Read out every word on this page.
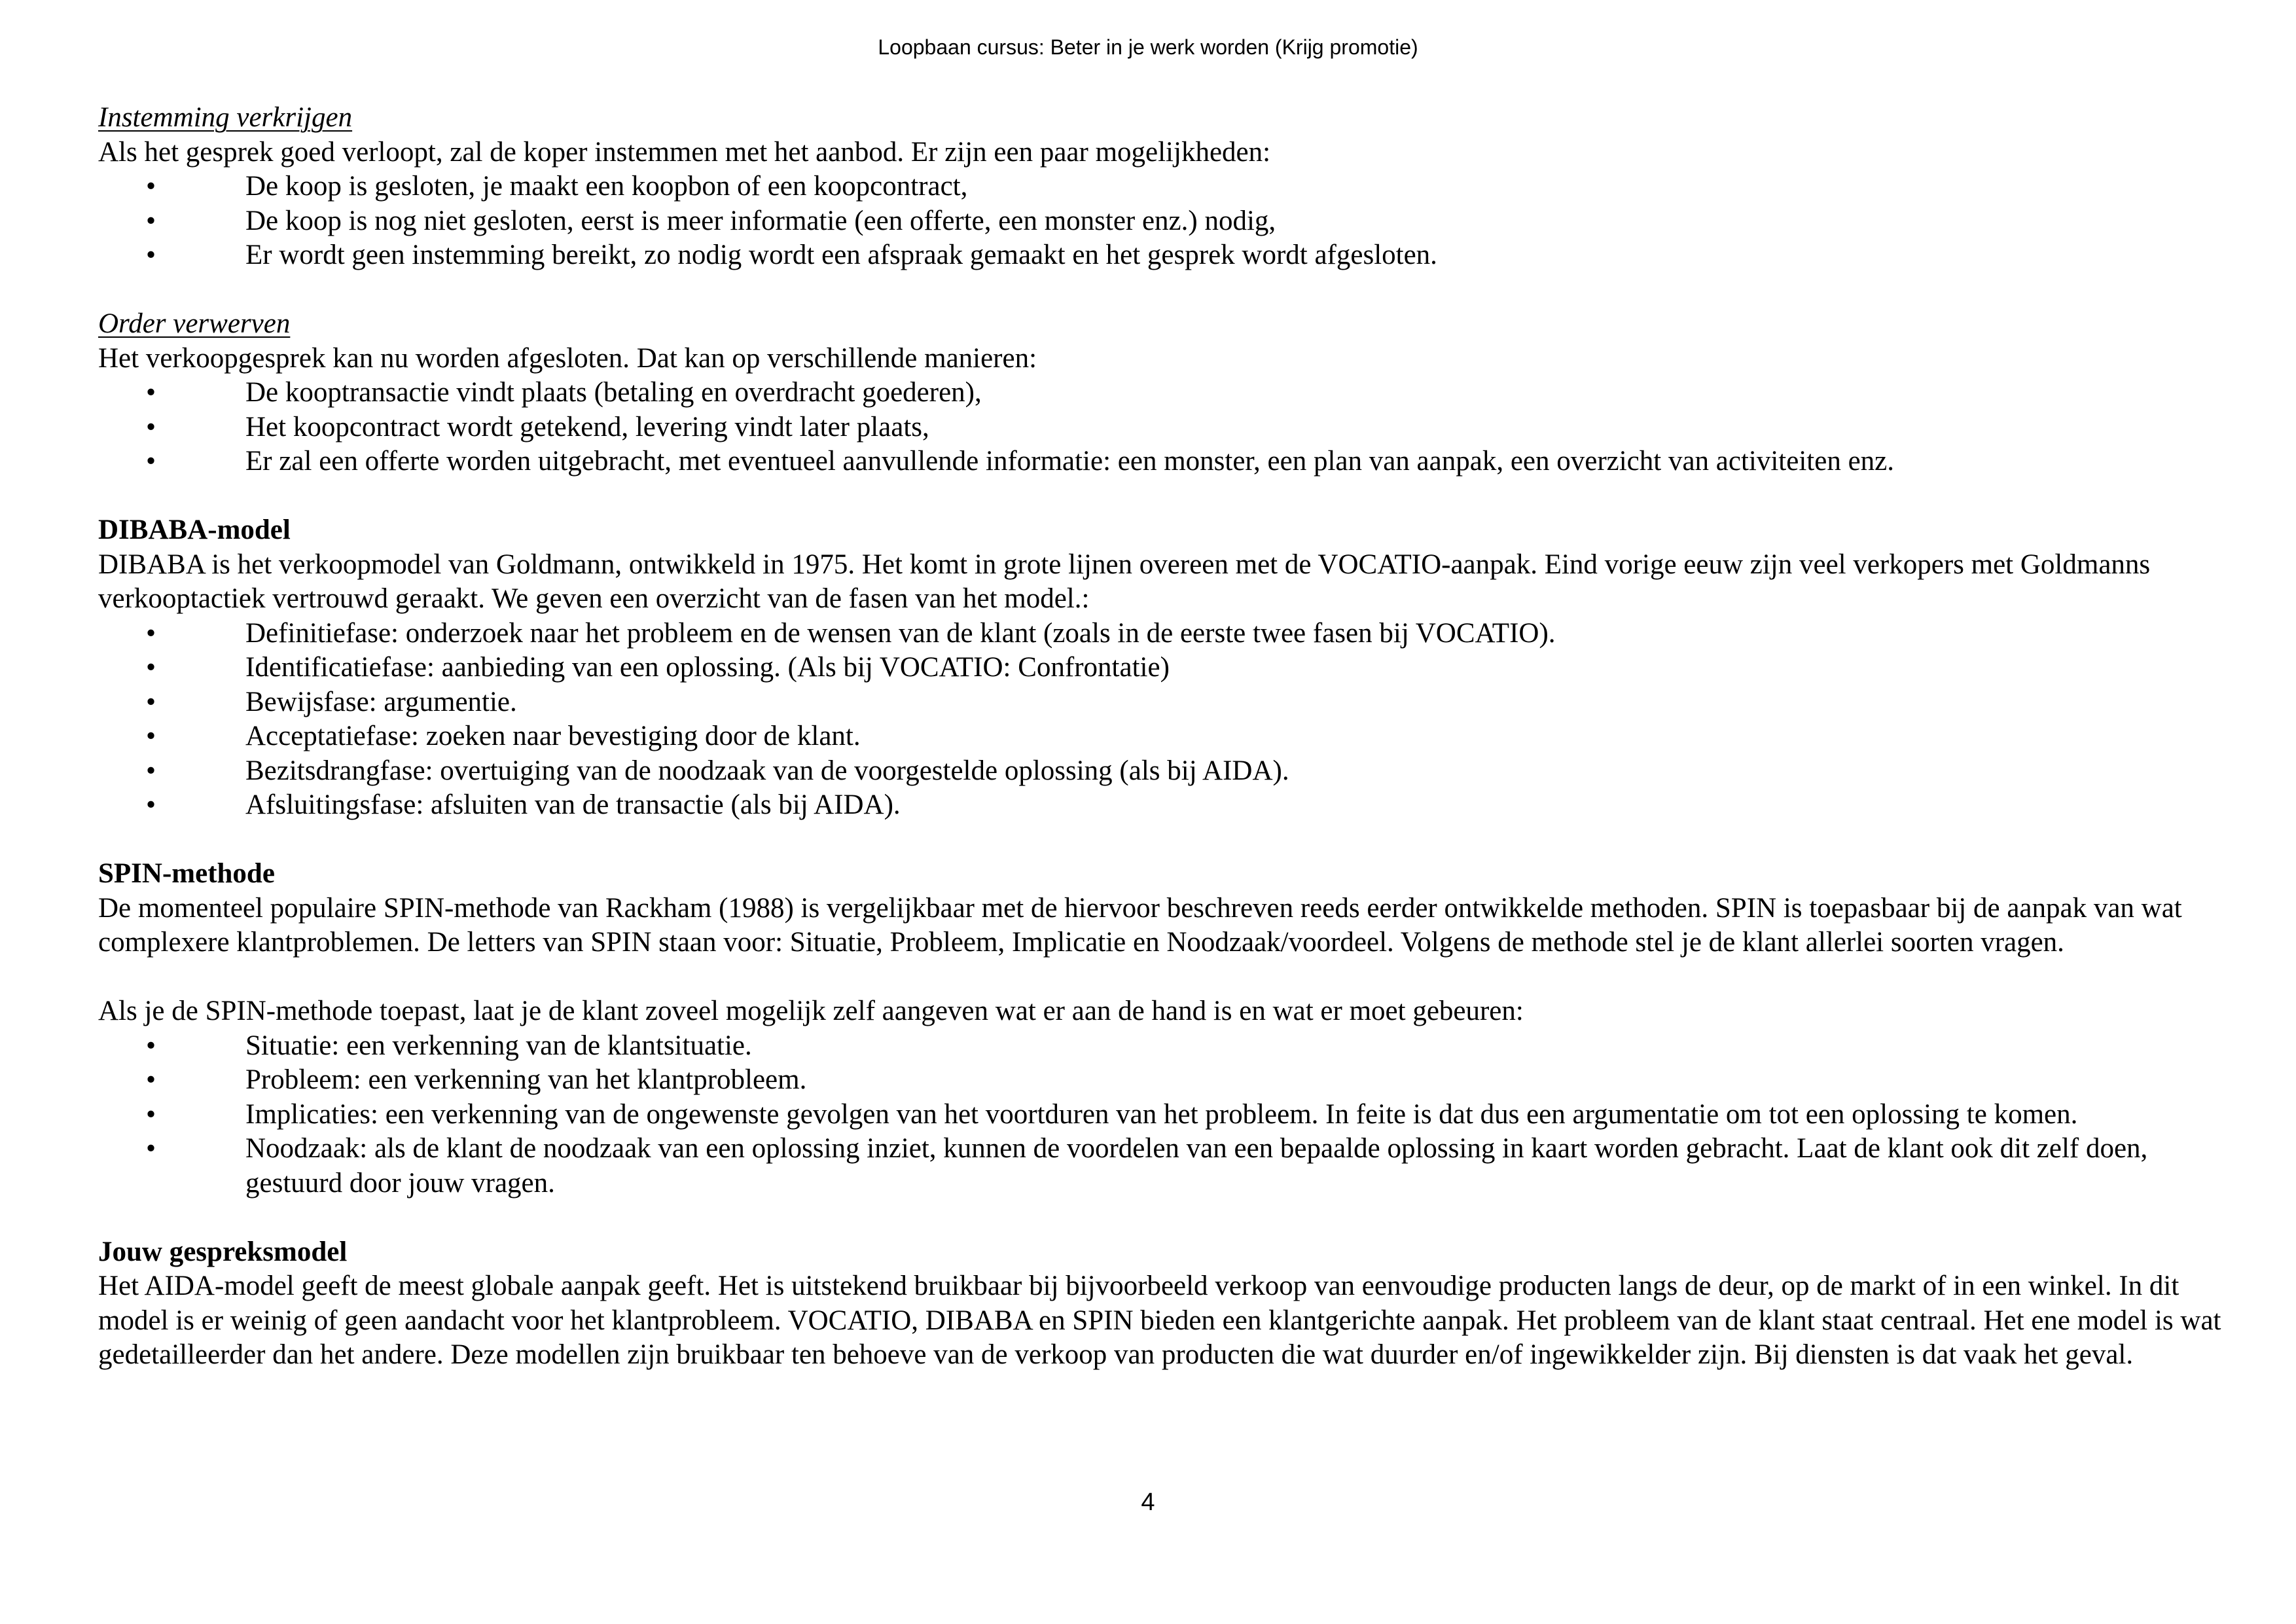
Loopbaan cursus: Beter in je werk worden (Krijg promotie)
Instemming verkrijgen

Als het gesprek goed verloopt, zal de koper instemmen met het aanbod. Er zijn een paar mogelijkheden:

•	De koop is gesloten, je maakt een koopbon of een koopcontract,
•	De koop is nog niet gesloten, eerst is meer informatie (een offerte, een monster enz.) nodig,
•	Er wordt geen instemming bereikt, zo nodig wordt een afspraak gemaakt en het gesprek wordt afgesloten.
Order verwerven

Het verkoopgesprek kan nu worden afgesloten. Dat kan op verschillende manieren:

•	De kooptransactie vindt plaats (betaling en overdracht goederen),
•	Het koopcontract wordt getekend, levering vindt later plaats,
•	Er zal een offerte worden uitgebracht, met eventueel aanvullende informatie: een monster, een plan van aanpak, een overzicht van activiteiten enz.
DIBABA-model

DIBABA is het verkoopmodel van Goldmann, ontwikkeld in 1975. Het komt in grote lijnen overeen met de VOCATIO-aanpak. Eind vorige eeuw zijn veel verkopers met Goldmanns verkooptactiek vertrouwd geraakt. We geven een overzicht van de fasen van het model.:

•	Definitiefase: onderzoek naar het probleem en de wensen van de klant (zoals in de eerste twee fasen bij VOCATIO).
•	Identificatiefase: aanbieding van een oplossing. (Als bij VOCATIO: Confrontatie)
•	Bewijsfase: argumentie.
•	Acceptatiefase: zoeken naar bevestiging door de klant.
•	Bezitsdrangfase: overtuiging van de noodzaak van de voorgestelde oplossing (als bij AIDA).
•	Afsluitingsfase: afsluiten van de transactie (als bij AIDA).
SPIN-methode

De momenteel populaire SPIN-methode van Rackham (1988) is vergelijkbaar met de hiervoor beschreven reeds eerder ontwikkelde methoden. SPIN is toepasbaar bij de aanpak van wat complexere klantproblemen. De letters van SPIN staan voor: Situatie, Probleem, Implicatie en Noodzaak/voordeel. Volgens de methode stel je de klant allerlei soorten vragen.

Als je de SPIN-methode toepast, laat je de klant zoveel mogelijk zelf aangeven wat er aan de hand is en wat er moet gebeuren:

•	Situatie: een verkenning van de klantsituatie.
•	Probleem: een verkenning van het klantprobleem.
•	Implicaties: een verkenning van de ongewenste gevolgen van het voortduren van het probleem. In feite is dat dus een argumentatie om tot een oplossing te komen.
•	Noodzaak: als de klant de noodzaak van een oplossing inziet, kunnen de voordelen van een bepaalde oplossing in kaart worden gebracht. Laat de klant ook dit zelf doen, gestuurd door jouw vragen.
Jouw gespreksmodel

Het AIDA-model geeft de meest globale aanpak geeft. Het is uitstekend bruikbaar bij bijvoorbeeld verkoop van eenvoudige producten langs de deur, op de markt of in een winkel. In dit model is er weinig of geen aandacht voor het klantprobleem. VOCATIO, DIBABA en SPIN bieden een klantgerichte aanpak. Het probleem van de klant staat centraal. Het ene model is wat gedetailleerder dan het andere. Deze modellen zijn bruikbaar ten behoeve van de verkoop van producten die wat duurder en/of ingewikkelder zijn. Bij diensten is dat vaak het geval.

4
